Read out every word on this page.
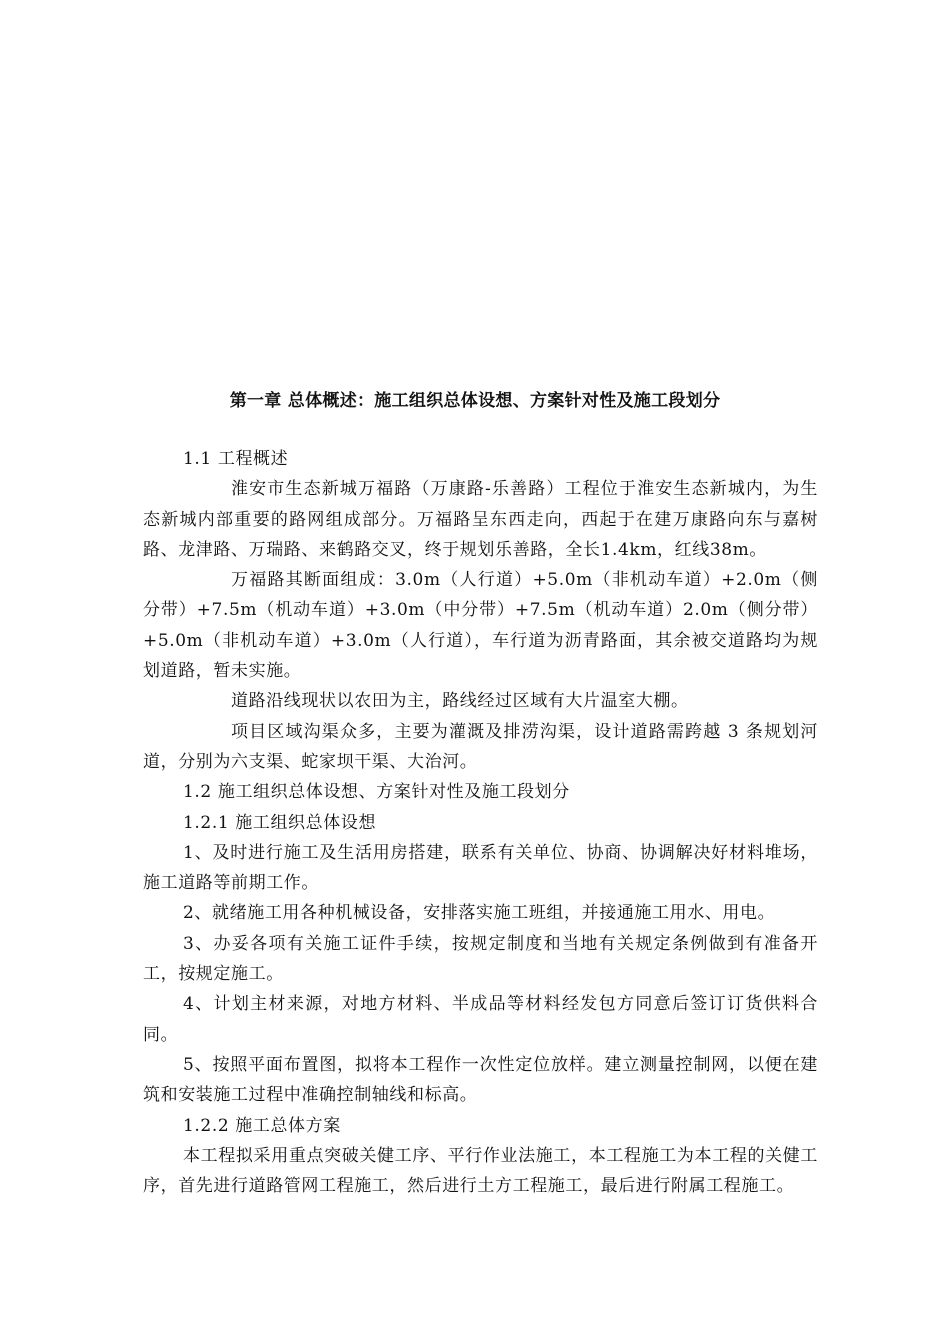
第一章 总体概述：施工组织总体设想、方案针对性及施工段划分

1.1 工程概述

淮安市生态新城万福路（万康路-乐善路）工程位于淮安生态新城内，为生态新城内部重要的路网组成部分。万福路呈东西走向，西起于在建万康路向东与嘉树路、龙津路、万瑞路、来鹤路交叉，终于规划乐善路，全长1.4km，红线38m。

万福路其断面组成：3.0m（人行道）+5.0m（非机动车道）+2.0m（侧分带）+7.5m（机动车道）+3.0m（中分带）+7.5m（机动车道）2.0m（侧分带）+5.0m（非机动车道）+3.0m（人行道），车行道为沥青路面，其余被交道路均为规划道路，暂未实施。

道路沿线现状以农田为主，路线经过区域有大片温室大棚。

项目区域沟渠众多，主要为灌溉及排涝沟渠，设计道路需跨越 3 条规划河道，分别为六支渠、蛇家坝干渠、大治河。

1.2 施工组织总体设想、方案针对性及施工段划分

1.2.1 施工组织总体设想

1、及时进行施工及生活用房搭建，联系有关单位、协商、协调解决好材料堆场，施工道路等前期工作。

2、就绪施工用各种机械设备，安排落实施工班组，并接通施工用水、用电。

3、办妥各项有关施工证件手续，按规定制度和当地有关规定条例做到有准备开工，按规定施工。

4、计划主材来源，对地方材料、半成品等材料经发包方同意后签订订货供料合同。

5、按照平面布置图，拟将本工程作一次性定位放样。建立测量控制网，以便在建筑和安装施工过程中准确控制轴线和标高。

1.2.2 施工总体方案

本工程拟采用重点突破关健工序、平行作业法施工，本工程施工为本工程的关健工序，首先进行道路管网工程施工，然后进行土方工程施工，最后进行附属工程施工。
